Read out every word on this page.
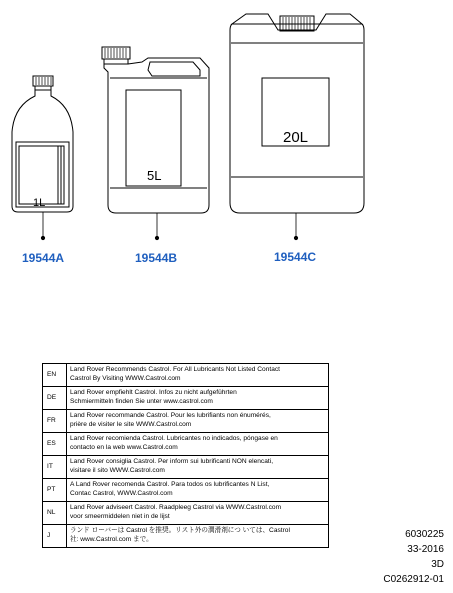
1L
5L
20L
19544A	19544B	19544C
EN	Land Rover Recommends Castrol. For All Lubricants Not Listed Contact
Castrol By Visiting WWW.Castrol.com
DE	Land Rover empfiehlt Castrol. Infos zu nicht aufgeführten
Schmiermitteln finden Sie unter www.castrol.com
FR	Land Rover recommande Castrol. Pour les lubrifiants non énumérés,
prière de visiter le site WWW.Castrol.com
ES	Land Rover recomienda Castrol. Lubricantes no indicados, póngase en
contacto en la web www.Castrol.com
IT	Land Rover consiglia Castrol. Per inform sui lubrificanti NON elencati,
visitare il sito WWW.Castrol.com
PT	A Land Rover recomenda Castrol. Para todos os lubrificantes N List,
Contac Castrol, WWW.Castrol.com
NL	Land Rover adviseert Castrol. Raadpleeg Castrol via WWW.Castrol.com
voor smeermiddelen niet in de lijst
J	ランド ローバーは Castrol を推奨。リスト外の潤滑剤につ いては、Castrol
社: www.Castrol.com まで。	6030225
33-2016
3D
C0262912-01
